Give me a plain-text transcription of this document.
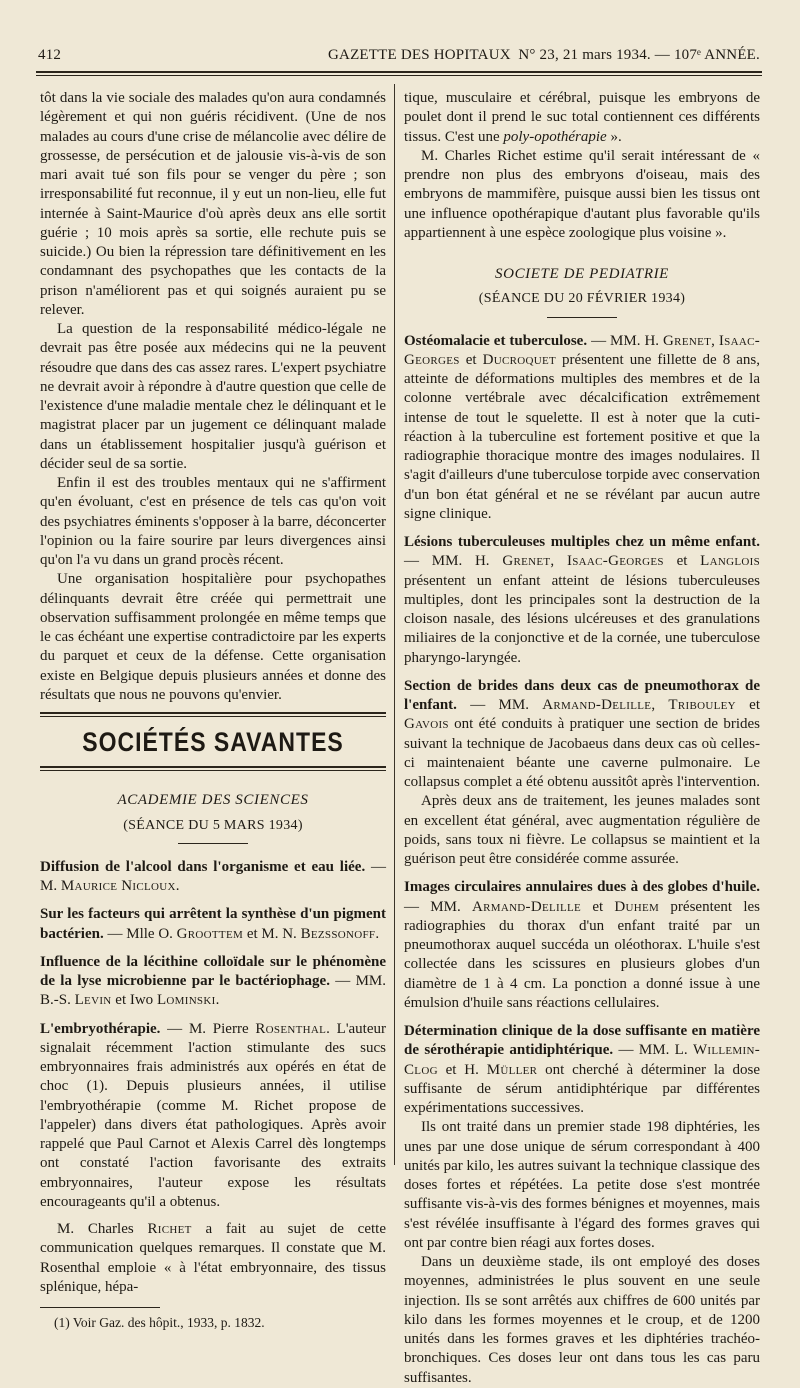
412	GAZETTE DES HOPITAUX N° 23, 21 mars 1934. — 107ᵉ ANNÉE.

tôt dans la vie sociale des malades qu'on aura condamnés légèrement et qui non guéris récidivent. (Une de nos malades au cours d'une crise de mélancolie avec délire de grossesse, de persécution et de jalousie vis-à-vis de son mari avait tué son fils pour se venger du père ; son irresponsabilité fut reconnue, il y eut un non-lieu, elle fut internée à Saint-Maurice d'où après deux ans elle sortit guérie ; 10 mois après sa sortie, elle rechute puis se suicide.) Ou bien la répression tare définitivement en les condamnant des psychopathes que les contacts de la prison n'améliorent pas et qui soignés auraient pu se relever.

La question de la responsabilité médico-légale ne devrait pas être posée aux médecins qui ne la peuvent résoudre que dans des cas assez rares. L'expert psychiatre ne devrait avoir à répondre à d'autre question que celle de l'existence d'une maladie mentale chez le délinquant et le magistrat placer par un jugement ce délinquant malade dans un établissement hospitalier jusqu'à guérison et décider seul de sa sortie.

Enfin il est des troubles mentaux qui ne s'affirment qu'en évoluant, c'est en présence de tels cas qu'on voit des psychiatres éminents s'opposer à la barre, déconcerter l'opinion ou la faire sourire par leurs divergences ainsi qu'on l'a vu dans un grand procès récent.

Une organisation hospitalière pour psychopathes délinquants devrait être créée qui permettrait une observation suffisamment prolongée en même temps que le cas échéant une expertise contradictoire par les experts du parquet et ceux de la défense. Cette organisation existe en Belgique depuis plusieurs années et donne des résultats que nous ne pouvons qu'envier.

SOCIÉTÉS SAVANTES

ACADEMIE DES SCIENCES

(SÉANCE DU 5 MARS 1934)

Diffusion de l'alcool dans l'organisme et eau liée. — M. Maurice Nicloux.

Sur les facteurs qui arrêtent la synthèse d'un pigment bactérien. — Mlle O. Groottem et M. N. Bezssonoff.

Influence de la lécithine colloïdale sur le phénomène de la lyse microbienne par le bactériophage. — MM. B.-S. Levin et Iwo Lominski.

L'embryothérapie. — M. Pierre Rosenthal. L'auteur signalait récemment l'action stimulante des sucs embryonnaires frais administrés aux opérés en état de choc (1). Depuis plusieurs années, il utilise l'embryothérapie (comme M. Richet propose de l'appeler) dans divers état pathologiques. Après avoir rappelé que Paul Carnot et Alexis Carrel dès longtemps ont constaté l'action favorisante des extraits embryonnaires, l'auteur expose les résultats encourageants qu'il a obtenus.

M. Charles Richet a fait au sujet de cette communication quelques remarques. Il constate que M. Rosenthal emploie « à l'état embryonnaire, des tissus splénique, hépa-

(1) Voir Gaz. des hôpit., 1933, p. 1832.

tique, musculaire et cérébral, puisque les embryons de poulet dont il prend le suc total contiennent ces différents tissus. C'est une poly-opothérapie ».

M. Charles Richet estime qu'il serait intéressant de « prendre non plus des embryons d'oiseau, mais des embryons de mammifère, puisque aussi bien les tissus ont une influence opothérapique d'autant plus favorable qu'ils appartiennent à une espèce zoologique plus voisine ».

SOCIETE DE PEDIATRIE

(SÉANCE DU 20 FÉVRIER 1934)

Ostéomalacie et tuberculose. — MM. H. Grenet, Isaac-Georges et Ducroquet présentent une fillette de 8 ans, atteinte de déformations multiples des membres et de la colonne vertébrale avec décalcification extrêmement intense de tout le squelette. Il est à noter que la cuti-réaction à la tuberculine est fortement positive et que la radiographie thoracique montre des images nodulaires. Il s'agit d'ailleurs d'une tuberculose torpide avec conservation d'un bon état général et ne se révélant par aucun autre signe clinique.

Lésions tuberculeuses multiples chez un même enfant. — MM. H. Grenet, Isaac-Georges et Langlois présentent un enfant atteint de lésions tuberculeuses multiples, dont les principales sont la destruction de la cloison nasale, des lésions ulcéreuses et des granulations miliaires de la conjonctive et de la cornée, une tuberculose pharyngo-laryngée.

Section de brides dans deux cas de pneumothorax de l'enfant. — MM. Armand-Delille, Tribouley et Gavois ont été conduits à pratiquer une section de brides suivant la technique de Jacobaeus dans deux cas où celles-ci maintenaient béante une caverne pulmonaire. Le collapsus complet a été obtenu aussitôt après l'intervention.

Après deux ans de traitement, les jeunes malades sont en excellent état général, avec augmentation régulière de poids, sans toux ni fièvre. Le collapsus se maintient et la guérison peut être considérée comme assurée.

Images circulaires annulaires dues à des globes d'huile. — MM. Armand-Delille et Duhem présentent les radiographies du thorax d'un enfant traité par un pneumothorax auquel succéda un oléothorax. L'huile s'est collectée dans les scissures en plusieurs globes d'un diamètre de 1 à 4 cm. La ponction a donné issue à une émulsion d'huile sans réactions cellulaires.

Détermination clinique de la dose suffisante en matière de sérothérapie antidiphtérique. — MM. L. Willemin-Clog et H. Müller ont cherché à déterminer la dose suffisante de sérum antidiphtérique par différentes expérimentations successives.

Ils ont traité dans un premier stade 198 diphtéries, les unes par une dose unique de sérum correspondant à 400 unités par kilo, les autres suivant la technique classique des doses fortes et répétées. La petite dose s'est montrée suffisante vis-à-vis des formes bénignes et moyennes, mais s'est révélée insuffisante à l'égard des formes graves qui ont par contre bien réagi aux fortes doses.

Dans un deuxième stade, ils ont employé des doses moyennes, administrées le plus souvent en une seule injection. Ils se sont arrêtés aux chiffres de 600 unités par kilo dans les formes moyennes et le croup, et de 1200 unités dans les formes graves et les diphtéries trachéo-bronchiques. Ces doses leur ont dans tous les cas paru suffisantes.
